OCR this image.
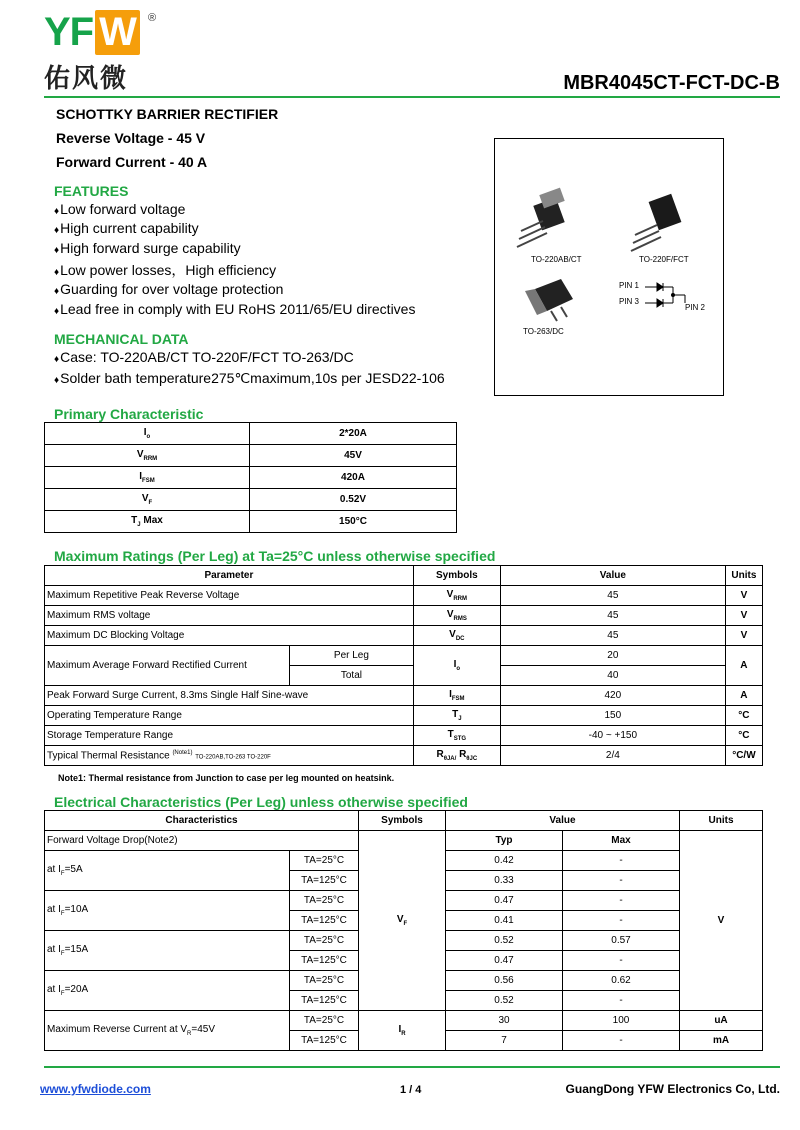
YF W	®
佑风微	MBR4045CT-FCT-DC-B
SCHOTTKY BARRIER RECTIFIER
Reverse Voltage - 45 V
Forward Current - 40 A
FEATURES
♦Low forward voltage
♦High current capability
♦High forward surge capability
♦Low power losses，High efficiency
♦Guarding for over voltage protection
♦Lead free in comply with EU RoHS 2011/65/EU directives
MECHANICAL DATA
♦Case: TO-220AB/CT TO-220F/FCT TO-263/DC
♦Solder bath temperature275℃maximum,10s per JESD22-106
TO-220AB/CT	TO-220F/FCT
TO-263/DC
PIN 1
PIN 3
PIN 2
Primary Characteristic
$I_o$	2*20A
$V_{RRM}$	45V
$I_{FSM}$	420A
$V_F$	0.52V
$T_J$ Max	150°C
Maximum Ratings (Per Leg) at Ta=25°C unless otherwise specified
Parameter		Symbols	Value	Units
Maximum Repetitive Peak Reverse Voltage		$V_{RRM}$	45	V
Maximum RMS voltage		$V_{RMS}$	45	V
Maximum DC Blocking Voltage		$V_{DC}$	45	V
Maximum Average Forward Rectified Current	Per Leg	$I_o$	20	A
	Total		40	
Peak Forward Surge Current, 8.3ms Single Half Sine-wave		$I_{FSM}$	420	A
Operating Temperature Range		$T_J$	150	°C
Storage Temperature Range		$T_{STG}$	-40 ~ +150	°C
Typical Thermal Resistance $^{(Note1)}$ TO-220AB,TO-263 TO-220F		$R_{\theta JA/}$ $R_{\theta JC}$	2/4	°C/W
Note1: Thermal resistance from Junction to case per leg mounted on heatsink.
Electrical Characteristics (Per Leg) unless otherwise specified
Characteristics		Symbols	Value		Units
Forward Voltage Drop(Note2)		$V_F$	Typ	Max	V
at $I_F=5A$	TA=25°C		0.42	-	
	TA=125°C		0.33	-	
at $I_F=10A$	TA=25°C		0.47	-	
	TA=125°C		0.41	-	
at $I_F=15A$	TA=25°C		0.52	0.57	
	TA=125°C		0.47	-	
at $I_F=20A$	TA=25°C		0.56	0.62	
	TA=125°C		0.52	-	
Maximum Reverse Current at $V_R=45V$	TA=25°C	$I_R$	30	100	uA
	TA=125°C		7	-	mA
www.yfwdiode.com	1 / 4	GuangDong YFW Electronics Co, Ltd.
